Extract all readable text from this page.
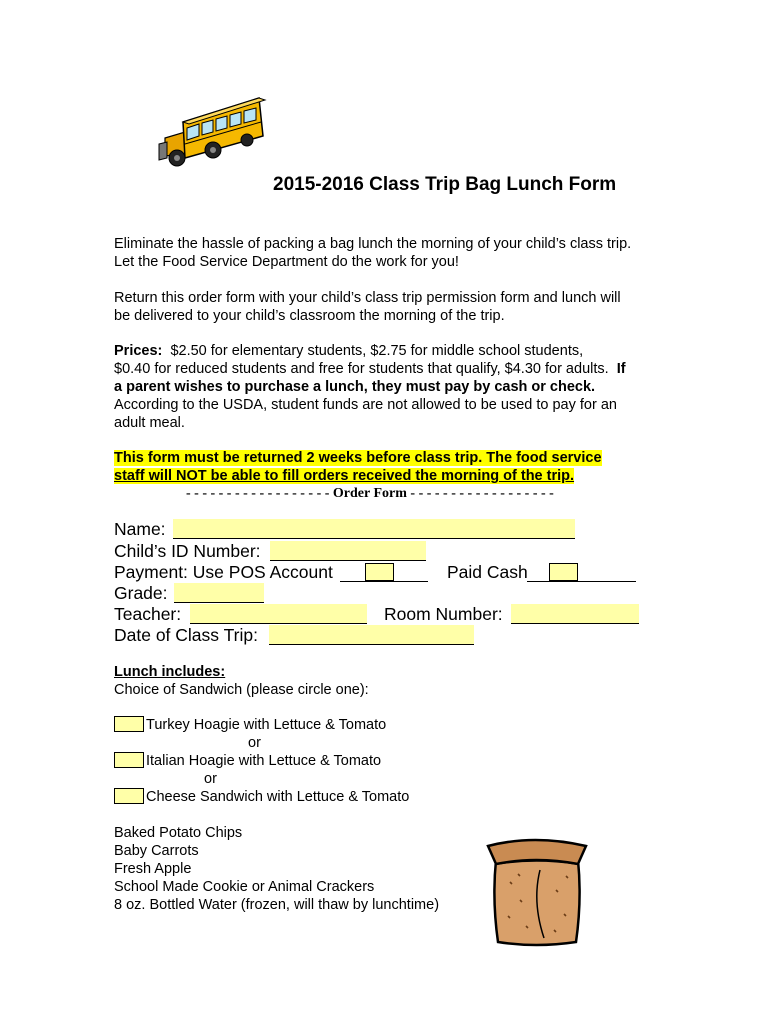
2015-2016 Class Trip Bag Lunch Form
Eliminate the hassle of packing a bag lunch the morning of your child’s class trip.
Let the Food Service Department do the work for you!
Return this order form with your child’s class trip permission form and lunch will
be delivered to your child’s classroom the morning of the trip.
Prices: $2.50 for elementary students, $2.75 for middle school students,
$0.40 for reduced students and free for students that qualify, $4.30 for adults. If
a parent wishes to purchase a lunch, they must pay by cash or check.
According to the USDA, student funds are not allowed to be used to pay for an
adult meal.
This form must be returned 2 weeks before class trip. The food service
staff will NOT be able to fill orders received the morning of the trip.
- - - - - - - - - - - - - - - - - - Order Form - - - - - - - - - - - - - - - - - -
Name:
Child’s ID Number:
Payment: Use POS Account	Paid Cash
Grade:
Teacher:	Room Number:
Date of Class Trip:
Lunch includes:
Choice of Sandwich (please circle one):
Turkey Hoagie with Lettuce & Tomato
or
Italian Hoagie with Lettuce & Tomato
or
Cheese Sandwich with Lettuce & Tomato
Baked Potato Chips
Baby Carrots
Fresh Apple
School Made Cookie or Animal Crackers
8 oz. Bottled Water (frozen, will thaw by lunchtime)
